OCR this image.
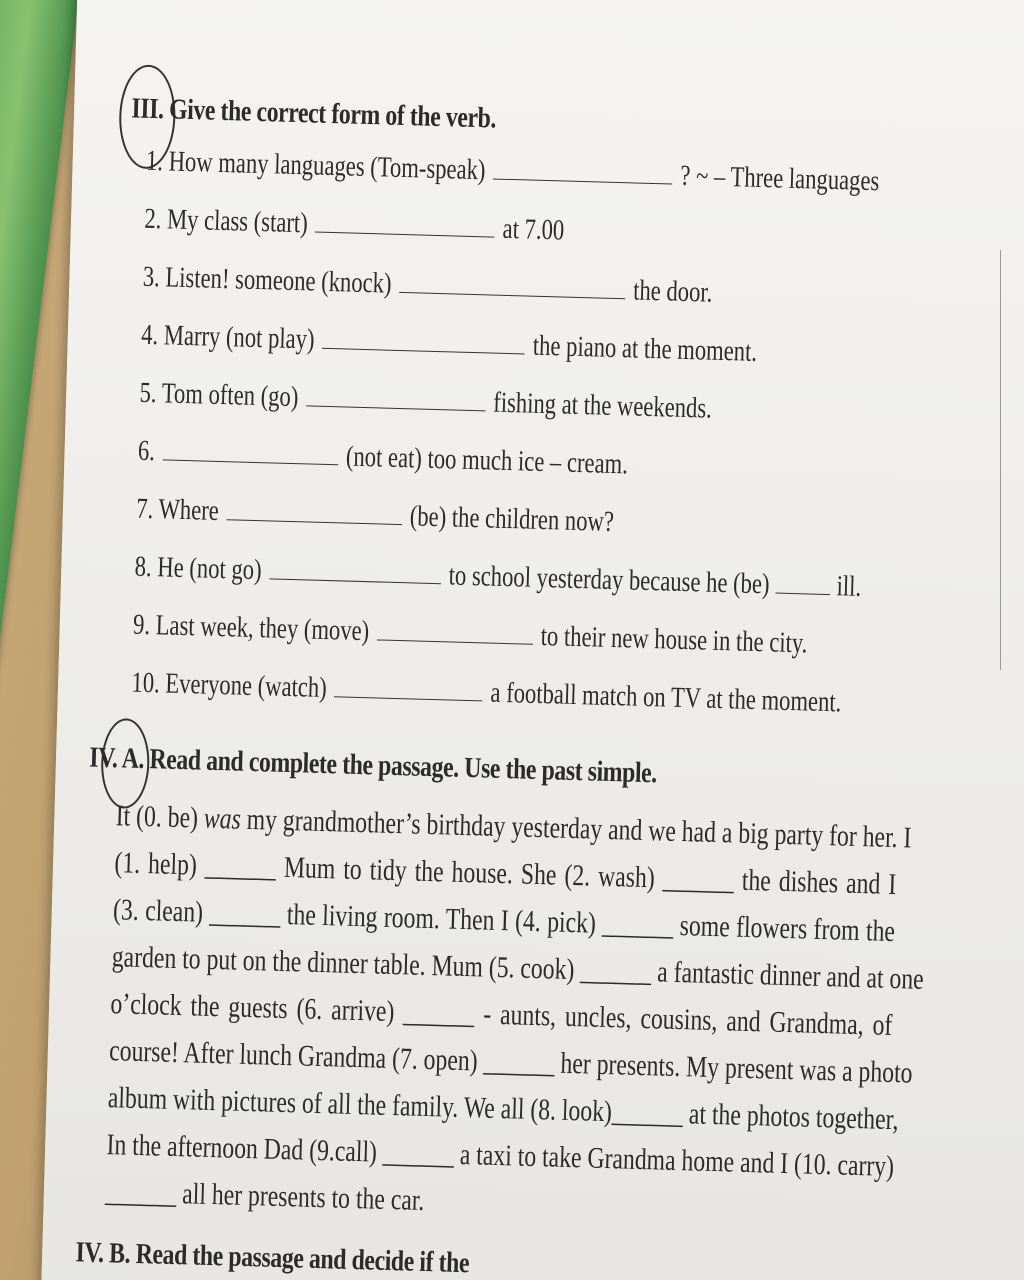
III. Give the correct form of the verb.
1. How many languages (Tom-speak)	? ~ – Three languages
2. My class (start)	at 7.00
3. Listen! someone (knock)	the door.
4. Marry (not play)	the piano at the moment.
5. Tom often (go)	fishing at the weekends.
6.	(not eat) too much ice – cream.
7. Where	(be) the children now?
8. He (not go)	to school yesterday because he (be) ill.
9. Last week, they (move)	to their new house in the city.
10. Everyone (watch)	a football match on TV at the moment.
IV. A. Read and complete the passage. Use the past simple.
It (0. be) was my grandmother’s birthday yesterday and we had a big party for her. I
(1. help) ______ Mum to tidy the house. She (2. wash) ______ the dishes and I
(3. clean) ______ the living room. Then I (4. pick) ______ some flowers from the
garden to put on the dinner table. Mum (5. cook) ______ a fantastic dinner and at one
o’clock the guests (6. arrive) ______ - aunts, uncles, cousins, and Grandma, of
course! After lunch Grandma (7. open) ______ her presents. My present was a photo
album with pictures of all the family. We all (8. look)______ at the photos together,
In the afternoon Dad (9.call) ______ a taxi to take Grandma home and I (10. carry)
______ all her presents to the car.
IV. B. Read the passage and decide if the
